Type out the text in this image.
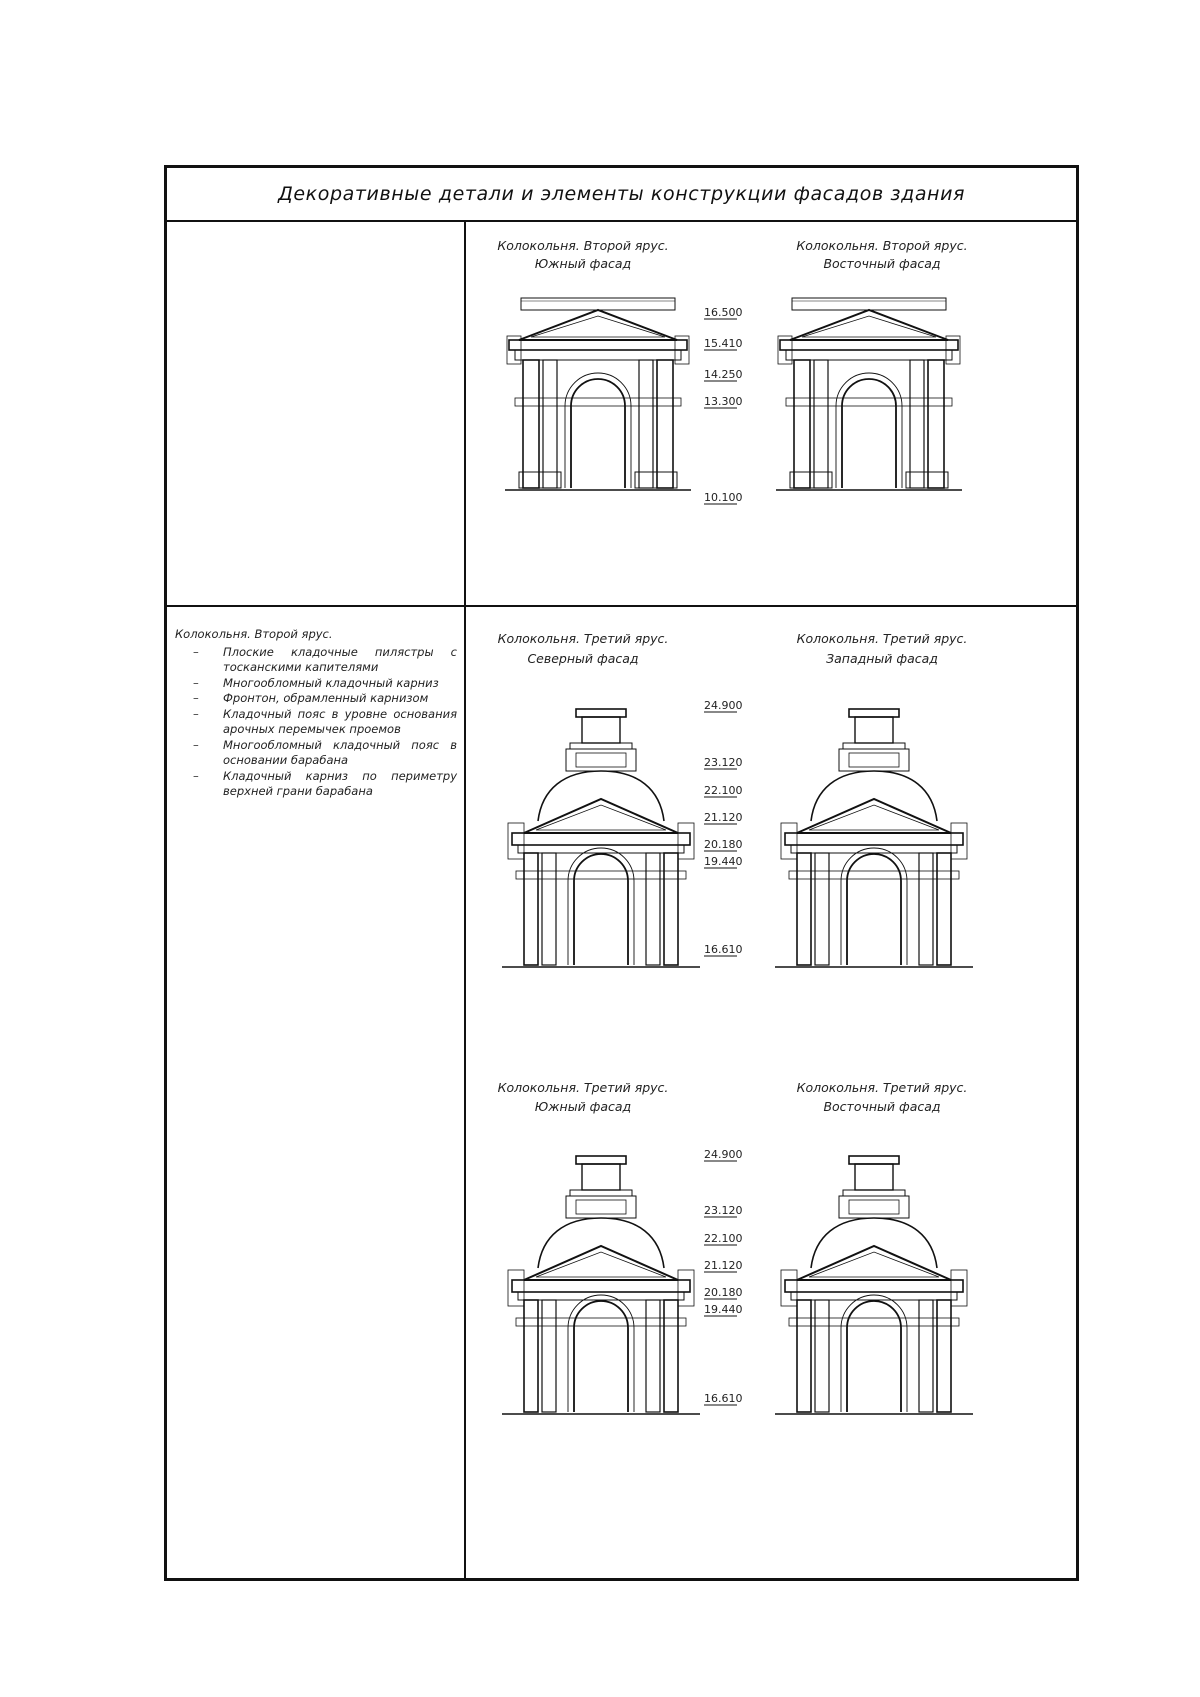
Декоративные детали и элементы конструкции фасадов здания
Колокольня. Второй ярус.
– Плоские кладочные пилястры с тосканскими капителями
– Многообломный кладочный карниз
– Фронтон, обрамленный карнизом
– Кладочный пояс в уровне основания арочных перемычек проемов
– Многообломный кладочный пояс в основании барабана
– Кладочный карниз по периметру верхней грани барабана
Колокольня. Второй ярус.
Южный фасад
Колокольня. Второй ярус.
Восточный фасад
16.500
15.410
14.250
13.300
10.100
Колокольня. Третий ярус.
Северный фасад
Колокольня. Третий ярус.
Западный фасад
24.900
23.120
22.100
21.120
20.180
19.440
16.610
Колокольня. Третий ярус.
Южный фасад
Колокольня. Третий ярус.
Восточный фасад
24.900
23.120
22.100
21.120
20.180
19.440
16.610
